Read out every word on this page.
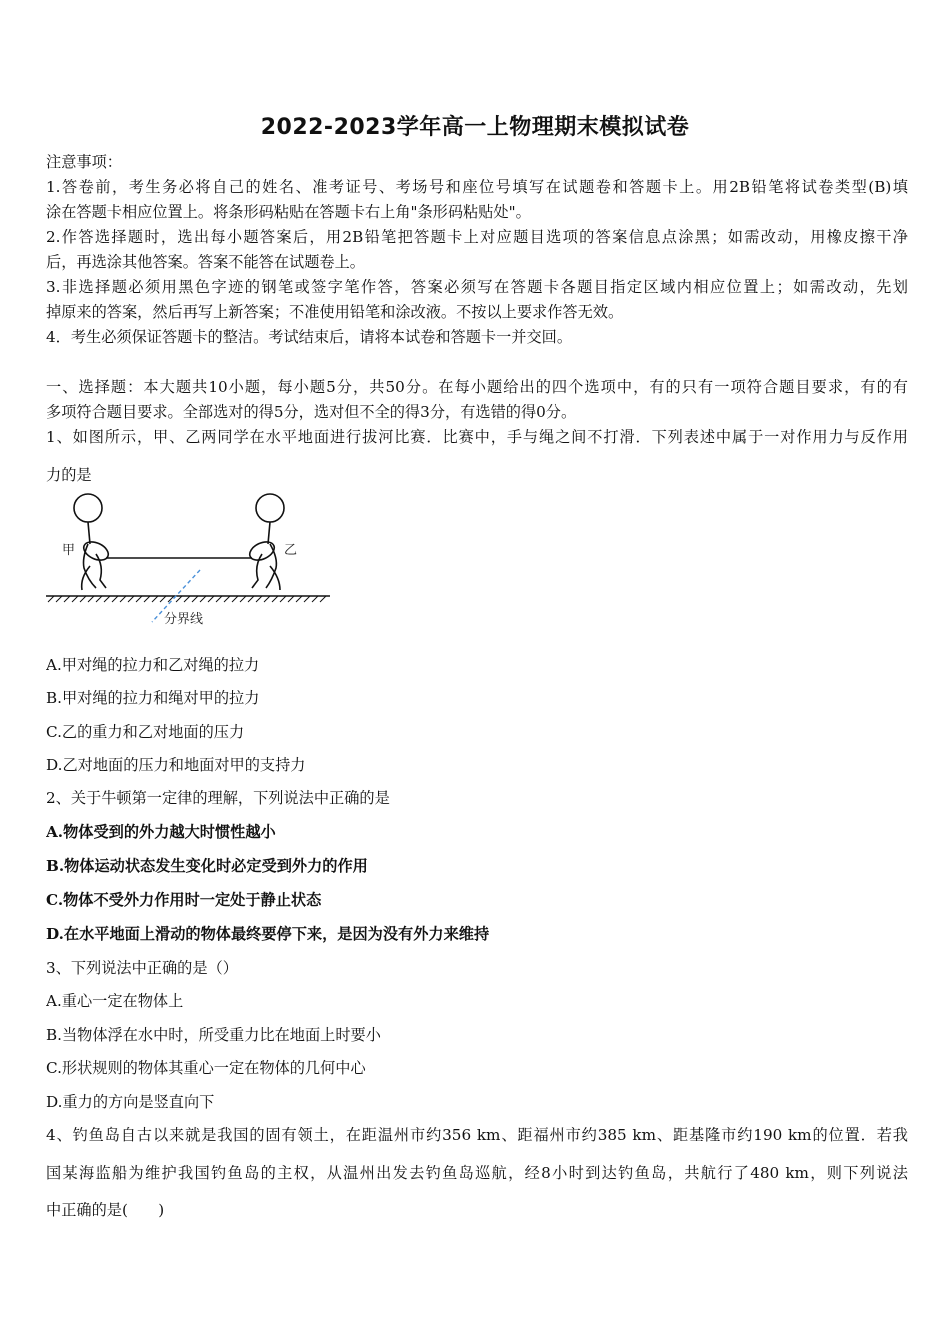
2022-2023学年高一上物理期末模拟试卷
注意事项：
1.答卷前，考生务必将自己的姓名、准考证号、考场号和座位号填写在试题卷和答题卡上。用2B铅笔将试卷类型(B)填
涂在答题卡相应位置上。将条形码粘贴在答题卡右上角"条形码粘贴处"。
2.作答选择题时，选出每小题答案后，用2B铅笔把答题卡上对应题目选项的答案信息点涂黑；如需改动，用橡皮擦干净
后，再选涂其他答案。答案不能答在试题卷上。
3.非选择题必须用黑色字迹的钢笔或签字笔作答，答案必须写在答题卡各题目指定区域内相应位置上；如需改动，先划
掉原来的答案，然后再写上新答案；不准使用铅笔和涂改液。不按以上要求作答无效。
4．考生必须保证答题卡的整洁。考试结束后，请将本试卷和答题卡一并交回。
一、选择题：本大题共10小题，每小题5分，共50分。在每小题给出的四个选项中，有的只有一项符合题目要求，有的有
多项符合题目要求。全部选对的得5分，选对但不全的得3分，有选错的得0分。
1、如图所示，甲、乙两同学在水平地面进行拔河比赛．比赛中，手与绳之间不打滑．下列表述中属于一对作用力与反作用
力的是
甲	乙
分界线
A.甲对绳的拉力和乙对绳的拉力
B.甲对绳的拉力和绳对甲的拉力
C.乙的重力和乙对地面的压力
D.乙对地面的压力和地面对甲的支持力
2、关于牛顿第一定律的理解，下列说法中正确的是
A.物体受到的外力越大时惯性越小
B.物体运动状态发生变化时必定受到外力的作用
C.物体不受外力作用时一定处于静止状态
D.在水平地面上滑动的物体最终要停下来，是因为没有外力来维持
3、下列说法中正确的是（）
A.重心一定在物体上
B.当物体浮在水中时，所受重力比在地面上时要小
C.形状规则的物体其重心一定在物体的几何中心
D.重力的方向是竖直向下
4、钓鱼岛自古以来就是我国的固有领土，在距温州市约356 km、距福州市约385 km、距基隆市约190 km的位置．若我
国某海监船为维护我国钓鱼岛的主权，从温州出发去钓鱼岛巡航，经8小时到达钓鱼岛，共航行了480 km，则下列说法
中正确的是(　　)
